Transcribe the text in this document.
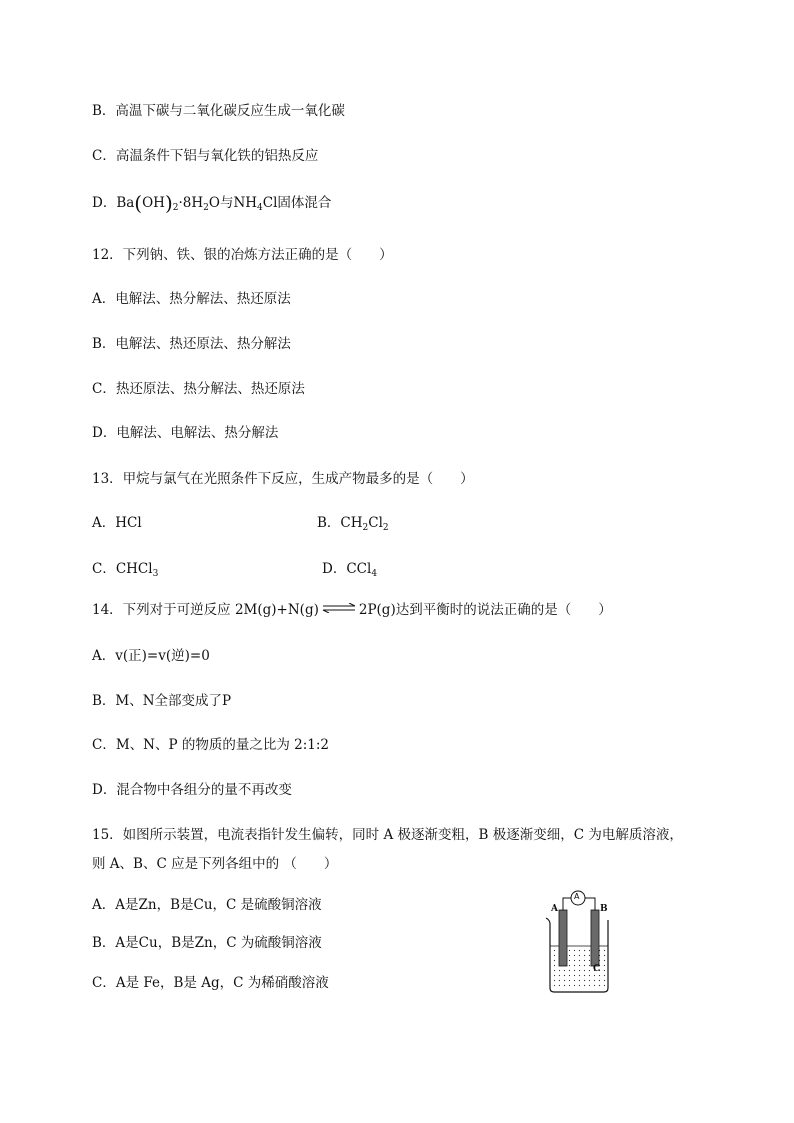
B．高温下碳与二氧化碳反应生成一氧化碳
C．高温条件下铝与氧化铁的铝热反应
D．$Ba(OH)_2\cdot 8H_2O$与$NH_4Cl$固体混合
12．下列钠、铁、银的冶炼方法正确的是（　　）
A．电解法、热分解法、热还原法
B．电解法、热还原法、热分解法
C．热还原法、热分解法、热还原法
D．电解法、电解法、热分解法
13．甲烷与氯气在光照条件下反应，生成产物最多的是（　　）
A．HCl	B．$CH_2Cl_2$
C．CHCl$_3$	D．CCl$_4$
14．下列对于可逆反应 2M(g)+N(g) ⇌ 2P(g)达到平衡时的说法正确的是（　　）
A．v(正)=v(逆)=0
B．M、N全部变成了P
C．M、N、P 的物质的量之比为 2:1:2
D．混合物中各组分的量不再改变
15．如图所示装置，电流表指针发生偏转，同时 A 极逐渐变粗，B 极逐渐变细，C 为电解质溶液，
则 A、B、C 应是下列各组中的 （　　）
A．A是Zn，B是Cu，C 是硫酸铜溶液
B．A是Cu，B是Zn，C 为硫酸铜溶液
C．A是 Fe，B是 Ag，C 为稀硝酸溶液
A
A	B
C
